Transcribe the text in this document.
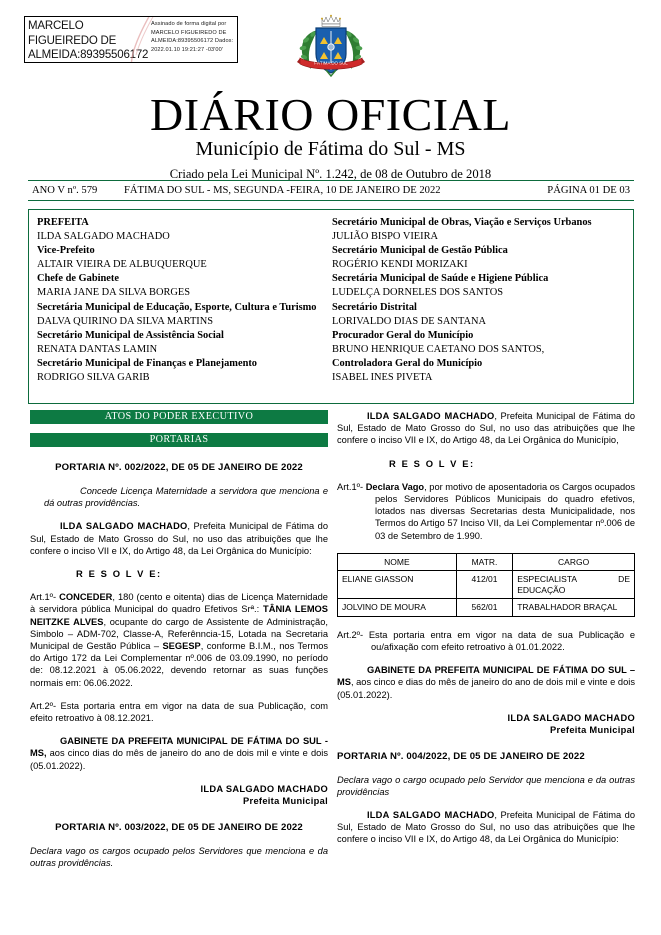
MARCELO FIGUEIREDO DE ALMEIDA:89395506172
Assinado de forma digital por MARCELO FIGUEIREDO DE ALMEIDA:89395506172 Dados: 2022.01.10 19:21:27 -03'00'
FÁTIMA DO SUL
DIÁRIO OFICIAL
Município de Fátima do Sul - MS
Criado pela Lei Municipal Nº. 1.242, de 08 de Outubro de 2018
ANO V nº. 579	FÁTIMA DO SUL - MS, SEGUNDA -FEIRA, 10 DE JANEIRO DE 2022	PÁGINA 01 DE 03
PREFEITA
ILDA SALGADO MACHADO
Vice-Prefeito
ALTAIR VIEIRA DE ALBUQUERQUE
Chefe de Gabinete
MARIA JANE DA SILVA BORGES
Secretária Municipal de Educação, Esporte, Cultura e Turismo
DALVA QUIRINO DA SILVA MARTINS
Secretário Municipal de Assistência Social
RENATA DANTAS LAMIN
Secretário Municipal de Finanças e Planejamento
RODRIGO SILVA GARIB
Secretário Municipal de Obras, Viação e Serviços Urbanos
JULIÃO BISPO VIEIRA
Secretário Municipal de Gestão Pública
ROGÉRIO KENDI MORIZAKI
Secretária Municipal de Saúde e Higiene Pública
LUDELÇA DORNELES DOS SANTOS
Secretário Distrital
LORIVALDO DIAS DE SANTANA
Procurador Geral do Município
BRUNO HENRIQUE CAETANO DOS SANTOS,
Controladora Geral do Município
ISABEL INES PIVETA
ATOS DO PODER EXECUTIVO
PORTARIAS
PORTARIA Nº. 002/2022, DE 05 DE JANEIRO DE 2022
Concede Licença Maternidade a servidora que menciona e dá outras providências.
ILDA SALGADO MACHADO, Prefeita Municipal de Fátima do Sul, Estado de Mato Grosso do Sul, no uso das atribuições que lhe confere o inciso VII e IX, do Artigo 48, da Lei Orgânica do Município:
R E S O L V E:
Art.1º- CONCEDER, 180 (cento e oitenta) dias de Licença Maternidade à servidora pública Municipal do quadro Efetivos Srª.: TÂNIA LEMOS NEITZKE ALVES, ocupante do cargo de Assistente de Administração, Simbolo – ADM-702, Classe-A, Referênncia-15, Lotada na Secretaria Municipal de Gestão Pública – SEGESP, conforme B.I.M., nos Termos do Artigo 172 da Lei Complementar nº.006 de 03.09.1990, no período de: 08.12.2021 à 05.06.2022, devendo retornar as suas funções normais em: 06.06.2022.
Art.2º- Esta portaria entra em vigor na data de sua Publicação, com efeito retroativo à 08.12.2021.
GABINETE DA PREFEITA MUNICIPAL DE FÁTIMA DO SUL - MS, aos cinco dias do mês de janeiro do ano de dois mil e vinte e dois (05.01.2022).
ILDA SALGADO MACHADO
Prefeita Municipal
PORTARIA Nº. 003/2022, DE 05 DE JANEIRO DE 2022
Declara vago os cargos ocupado pelos Servidores que menciona e da outras providências.
ILDA SALGADO MACHADO, Prefeita Municipal de Fátima do Sul, Estado de Mato Grosso do Sul, no uso das atribuições que lhe confere o inciso VII e IX, do Artigo 48, da Lei Orgânica do Município,
R E S O L V E:
Art.1º- Declara Vago, por motivo de aposentadoria os Cargos ocupados pelos Servidores Públicos Municipais do quadro efetivos, lotados nas diversas Secretarias desta Municipalidade, nos Termos do Artigo 57 Inciso VII, da Lei Complementar nº.006 de 03 de Setembro de 1.990.
NOME	MATR.	CARGO
ELIANE GIASSON	412/01	ESPECIALISTA DE EDUCAÇÃO
JOLVINO DE MOURA	562/01	TRABALHADOR BRAÇAL
Art.2º- Esta portaria entra em vigor na data de sua Publicação e ou/afixação com efeito retroativo à 01.01.2022.
GABINETE DA PREFEITA MUNICIPAL DE FÁTIMA DO SUL – MS, aos cinco e dias do mês de janeiro do ano de dois mil e vinte e dois (05.01.2022).
ILDA SALGADO MACHADO
Prefeita Municipal
PORTARIA Nº. 004/2022, DE 05 DE JANEIRO DE 2022
Declara vago o cargo ocupado pelo Servidor que menciona e da outras providências
ILDA SALGADO MACHADO, Prefeita Municipal de Fátima do Sul, Estado de Mato Grosso do Sul, no uso das atribuições que lhe confere o inciso VII e IX, do Artigo 48, da Lei Orgânica do Município:
